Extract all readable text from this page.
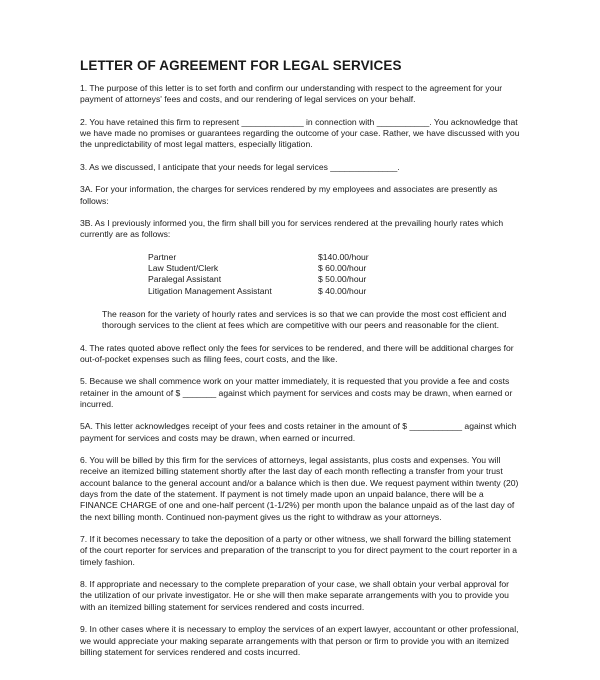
LETTER OF AGREEMENT FOR LEGAL SERVICES
1. The purpose of this letter is to set forth and confirm our understanding with respect to the agreement for your payment of attorneys' fees and costs, and our rendering of legal services on your behalf.
2. You have retained this firm to represent _____________ in connection with ___________. You acknowledge that we have made no promises or guarantees regarding the outcome of your case. Rather, we have discussed with you the unpredictability of most legal matters, especially litigation.
3. As we discussed, I anticipate that your needs for legal services ______________.
3A. For your information, the charges for services rendered by my employees and associates are presently as follows:
3B. As I previously informed you, the firm shall bill you for services rendered at the prevailing hourly rates which currently are as follows:
Partner	$140.00/hour
Law Student/Clerk	$ 60.00/hour
Paralegal Assistant	$ 50.00/hour
Litigation Management Assistant	$ 40.00/hour
The reason for the variety of hourly rates and services is so that we can provide the most cost efficient and thorough services to the client at fees which are competitive with our peers and reasonable for the client.
4. The rates quoted above reflect only the fees for services to be rendered, and there will be additional charges for out-of-pocket expenses such as filing fees, court costs, and the like.
5. Because we shall commence work on your matter immediately, it is requested that you provide a fee and costs retainer in the amount of $ _______ against which payment for services and costs may be drawn, when earned or incurred.
5A. This letter acknowledges receipt of your fees and costs retainer in the amount of $ ___________ against which payment for services and costs may be drawn, when earned or incurred.
6. You will be billed by this firm for the services of attorneys, legal assistants, plus costs and expenses. You will receive an itemized billing statement shortly after the last day of each month reflecting a transfer from your trust account balance to the general account and/or a balance which is then due. We request payment within twenty (20) days from the date of the statement. If payment is not timely made upon an unpaid balance, there will be a FINANCE CHARGE of one and one-half percent (1-1/2%) per month upon the balance unpaid as of the last day of the next billing month. Continued non-payment gives us the right to withdraw as your attorneys.
7. If it becomes necessary to take the deposition of a party or other witness, we shall forward the billing statement of the court reporter for services and preparation of the transcript to you for direct payment to the court reporter in a timely fashion.
8. If appropriate and necessary to the complete preparation of your case, we shall obtain your verbal approval for the utilization of our private investigator. He or she will then make separate arrangements with you to provide you with an itemized billing statement for services rendered and costs incurred.
9. In other cases where it is necessary to employ the services of an expert lawyer, accountant or other professional, we would appreciate your making separate arrangements with that person or firm to provide you with an itemized billing statement for services rendered and costs incurred.
